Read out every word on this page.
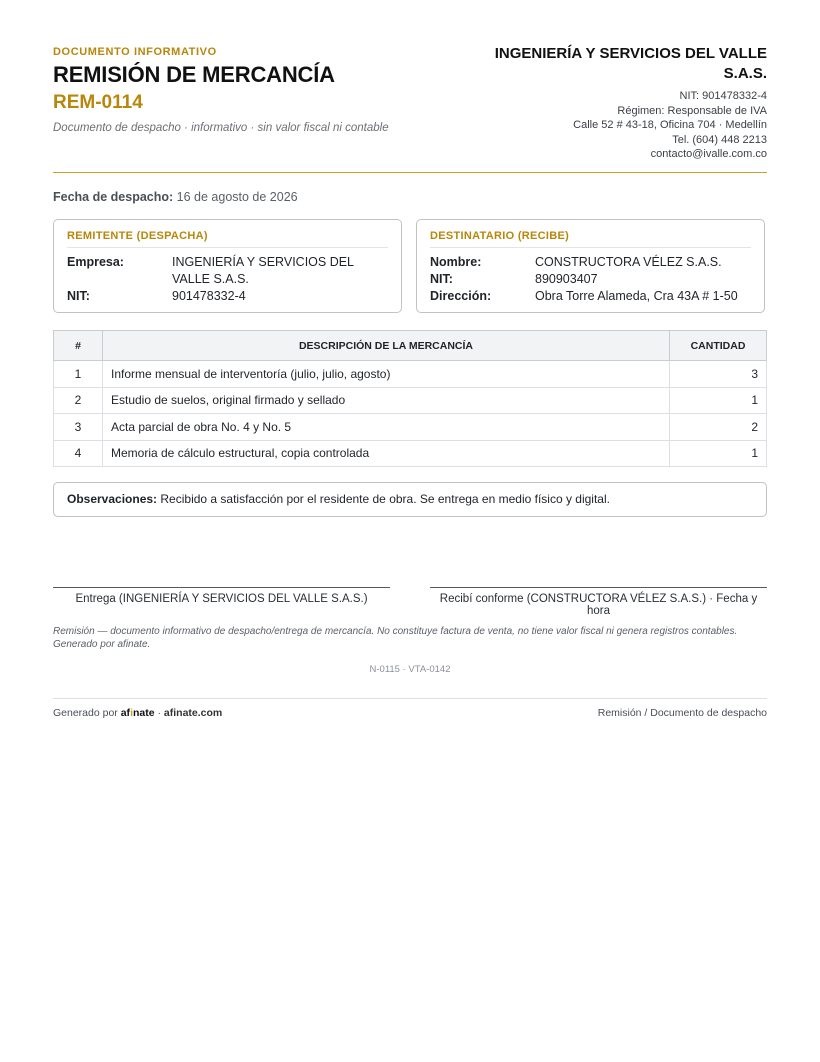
DOCUMENTO INFORMATIVO
REMISIÓN DE MERCANCÍA
REM-0114
Documento de despacho · informativo · sin valor fiscal ni contable
INGENIERÍA Y SERVICIOS DEL VALLE
S.A.S.
NIT: 901478332-4
Régimen: Responsable de IVA
Calle 52 # 43-18, Oficina 704 · Medellín
Tel. (604) 448 2213
contacto@ivalle.com.co
Fecha de despacho: 16 de agosto de 2026
REMITENTE (DESPACHA)
Empresa:	INGENIERÍA Y SERVICIOS DEL VALLE S.A.S.
NIT:	901478332-4
DESTINATARIO (RECIBE)
Nombre:	CONSTRUCTORA VÉLEZ S.A.S.
NIT:	890903407
Dirección:	Obra Torre Alameda, Cra 43A # 1-50
#	DESCRIPCIÓN DE LA MERCANCÍA	CANTIDAD
1	Informe mensual de interventoría (julio, julio, agosto)	3
2	Estudio de suelos, original firmado y sellado	1
3	Acta parcial de obra No. 4 y No. 5	2
4	Memoria de cálculo estructural, copia controlada	1
Observaciones: Recibido a satisfacción por el residente de obra. Se entrega en medio físico y digital.
Entrega (INGENIERÍA Y SERVICIOS DEL VALLE S.A.S.)	Recibí conforme (CONSTRUCTORA VÉLEZ S.A.S.) · Fecha y hora
Remisión — documento informativo de despacho/entrega de mercancía. No constituye factura de venta, no tiene valor fiscal ni genera registros contables. Generado por afinate.
N-0115 · VTA-0142
Generado por afinate · afinate.com	Remisión / Documento de despacho
